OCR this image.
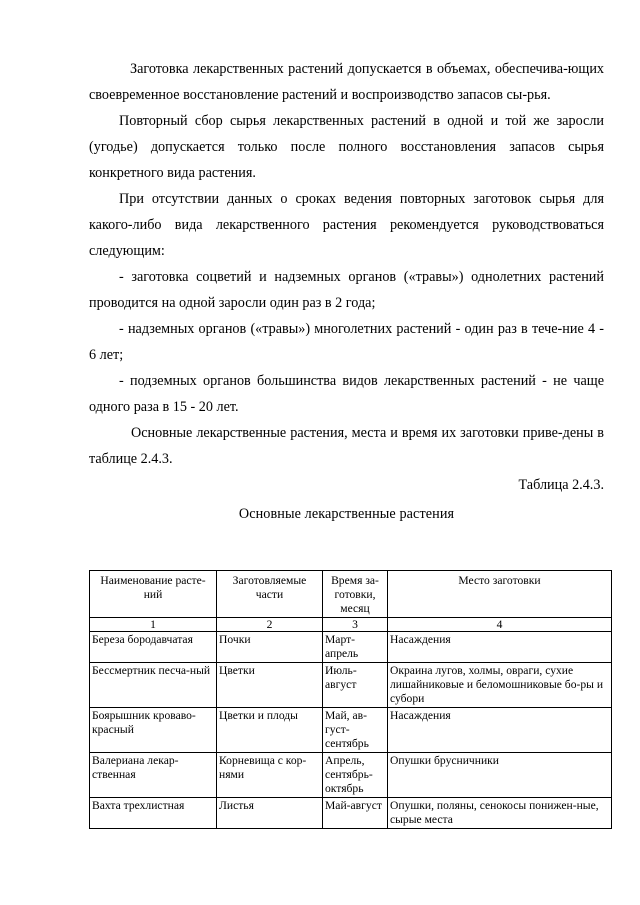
Заготовка лекарственных растений допускается в объемах, обеспечива-ющих своевременное восстановление растений и воспроизводство запасов сы-рья.

Повторный сбор сырья лекарственных растений в одной и той же заросли (угодье) допускается только после полного восстановления запасов сырья конкретного вида растения.

При отсутствии данных о сроках ведения повторных заготовок сырья для какого-либо вида лекарственного растения рекомендуется руководствоваться следующим:

- заготовка соцветий и надземных органов («травы») однолетних растений проводится на одной заросли один раз в 2 года;

- надземных органов («травы») многолетних растений - один раз в тече-ние 4 - 6 лет;

- подземных органов большинства видов лекарственных растений - не чаще одного раза в 15 - 20 лет.

Основные лекарственные растения, места и время их заготовки приве-дены в таблице 2.4.3.

Таблица 2.4.3.
Основные лекарственные растения
Наименование расте-ний	Заготовляемые части	Время за-готовки, месяц	Место заготовки
1	2	3	4
Береза бородавчатая	Почки	Март-апрель	Насаждения
Бессмертник песча-ный	Цветки	Июль-август	Окраина лугов, холмы, овраги, сухие лишайниковые и беломошниковые бо-ры и субори
Боярышник кроваво-красный	Цветки и плоды	Май, ав-густ-сентябрь	Насаждения
Валериана лекар-ственная	Корневища с кор-нями	Апрель, сентябрь-октябрь	Опушки брусничники
Вахта трехлистная	Листья	Май-август	Опушки, поляны, сенокосы понижен-ные, сырые места
